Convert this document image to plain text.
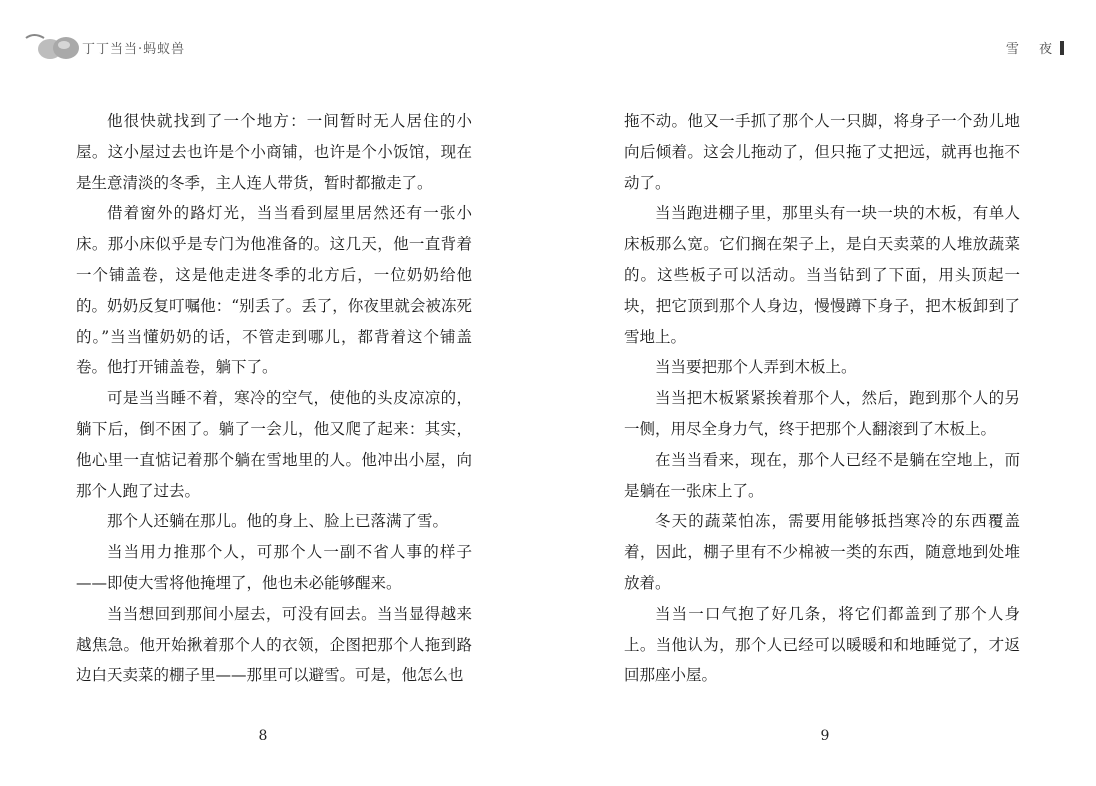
丁丁当当·蚂蚁兽

他很快就找到了一个地方：一间暂时无人居住的小屋。这小屋过去也许是个小商铺，也许是个小饭馆，现在是生意清淡的冬季，主人连人带货，暂时都撤走了。

借着窗外的路灯光，当当看到屋里居然还有一张小床。那小床似乎是专门为他准备的。这几天，他一直背着一个铺盖卷，这是他走进冬季的北方后，一位奶奶给他的。奶奶反复叮嘱他：“别丢了。丢了，你夜里就会被冻死的。”当当懂奶奶的话，不管走到哪儿，都背着这个铺盖卷。他打开铺盖卷，躺下了。

可是当当睡不着，寒冷的空气，使他的头皮凉凉的，躺下后，倒不困了。躺了一会儿，他又爬了起来：其实，他心里一直惦记着那个躺在雪地里的人。他冲出小屋，向那个人跑了过去。

那个人还躺在那儿。他的身上、脸上已落满了雪。

当当用力推那个人，可那个人一副不省人事的样子——即使大雪将他掩埋了，他也未必能够醒来。

当当想回到那间小屋去，可没有回去。当当显得越来越焦急。他开始揪着那个人的衣领，企图把那个人拖到路边白天卖菜的棚子里——那里可以避雪。可是，他怎么也

8
雪 夜

拖不动。他又一手抓了那个人一只脚，将身子一个劲儿地向后倾着。这会儿拖动了，但只拖了丈把远，就再也拖不动了。

当当跑进棚子里，那里头有一块一块的木板，有单人床板那么宽。它们搁在架子上，是白天卖菜的人堆放蔬菜的。这些板子可以活动。当当钻到了下面，用头顶起一块，把它顶到那个人身边，慢慢蹲下身子，把木板卸到了雪地上。

当当要把那个人弄到木板上。

当当把木板紧紧挨着那个人，然后，跑到那个人的另一侧，用尽全身力气，终于把那个人翻滚到了木板上。

在当当看来，现在，那个人已经不是躺在空地上，而是躺在一张床上了。

冬天的蔬菜怕冻，需要用能够抵挡寒冷的东西覆盖着，因此，棚子里有不少棉被一类的东西，随意地到处堆放着。

当当一口气抱了好几条，将它们都盖到了那个人身上。当他认为，那个人已经可以暖暖和和地睡觉了，才返回那座小屋。

9
